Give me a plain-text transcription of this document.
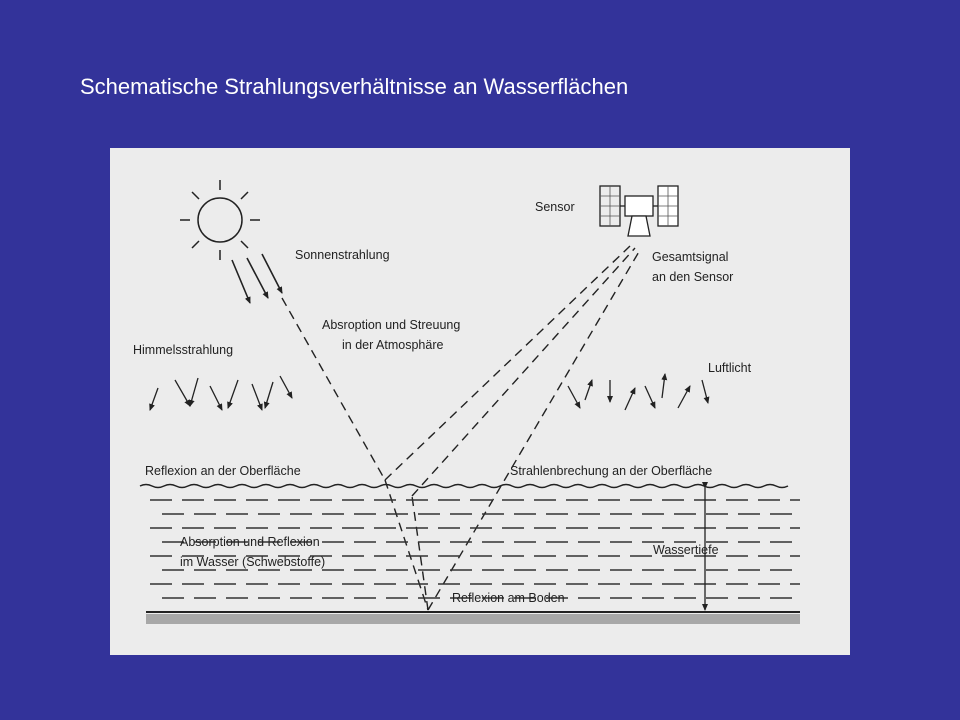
Schematische Strahlungsverhältnisse an Wasserflächen
Sensor
Sonnenstrahlung	Gesamtsignal
an den Sensor
Absroption und Streuung
in der Atmosphäre
Himmelsstrahlung
Luftlicht
Reflexion an der Oberfläche	Strahlenbrechung an der Oberfläche
Absorption und Reflexion
im Wasser (Schwebstoffe)
Wassertiefe
Reflexion am Boden
